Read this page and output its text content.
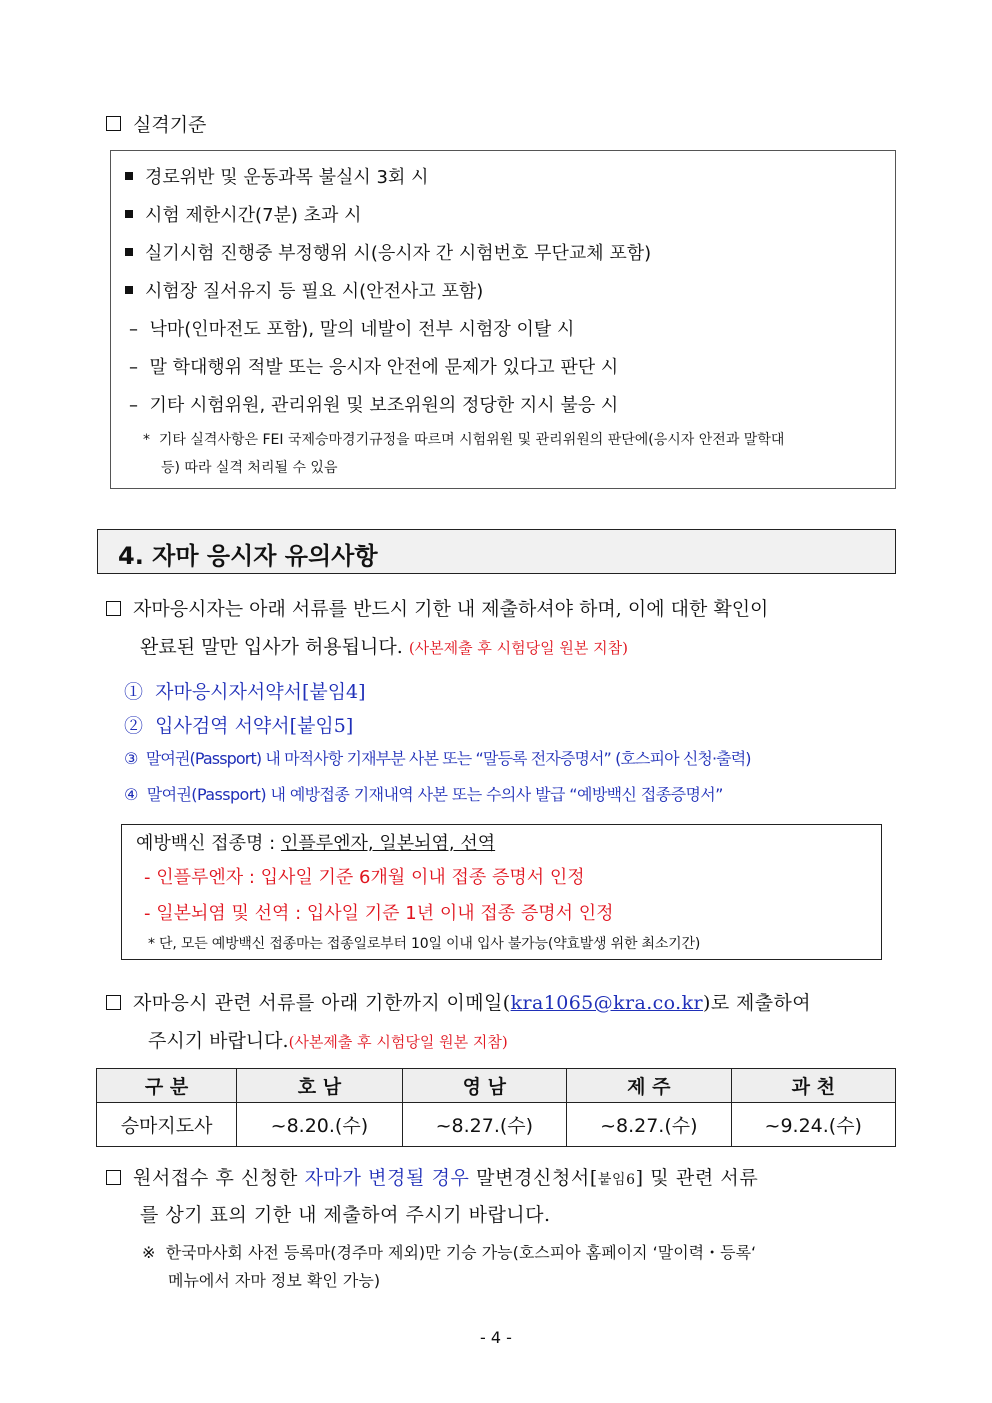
실격기준
경로위반 및 운동과목 불실시 3회 시
시험 제한시간(7분) 초과 시
실기시험 진행중 부정행위 시(응시자 간 시험번호 무단교체 포함)
시험장 질서유지 등 필요 시(안전사고 포함)
– 낙마(인마전도 포함), 말의 네발이 전부 시험장 이탈 시
– 말 학대행위 적발 또는 응시자 안전에 문제가 있다고 판단 시
– 기타 시험위원, 관리위원 및 보조위원의 정당한 지시 불응 시
* 기타 실격사항은 FEI 국제승마경기규정을 따르며 시험위원 및 관리위원의 판단에(응시자 안전과 말학대
등) 따라 실격 처리될 수 있음
4. 자마 응시자 유의사항
자마응시자는 아래 서류를 반드시 기한 내 제출하셔야 하며, 이에 대한 확인이
완료된 말만 입사가 허용됩니다. (사본제출 후 시험당일 원본 지참)
① 자마응시자서약서[붙임4]
② 입사검역 서약서[붙임5]
③ 말여권(Passport) 내 마적사항 기재부분 사본 또는 “말등록 전자증명서” (호스피아 신청·출력)
④ 말여권(Passport) 내 예방접종 기재내역 사본 또는 수의사 발급 “예방백신 접종증명서”
예방백신 접종명 : 인플루엔자, 일본뇌염, 선역
- 인플루엔자 : 입사일 기준 6개월 이내 접종 증명서 인정
- 일본뇌염 및 선역 : 입사일 기준 1년 이내 접종 증명서 인정
* 단, 모든 예방백신 접종마는 접종일로부터 10일 이내 입사 불가능(약효발생 위한 최소기간)
자마응시 관련 서류를 아래 기한까지 이메일(kra1065@kra.co.kr)로 제출하여
주시기 바랍니다.(사본제출 후 시험당일 원본 지참)
구 분	호 남	영 남	제 주	과 천
승마지도사	~8.20.(수)	~8.27.(수)	~8.27.(수)	~9.24.(수)
원서접수 후 신청한 자마가 변경될 경우 말변경신청서[붙임6] 및 관련 서류
를 상기 표의 기한 내 제출하여 주시기 바랍니다.
※ 한국마사회 사전 등록마(경주마 제외)만 기승 가능(호스피아 홈페이지 ‘말이력・등록‘
메뉴에서 자마 정보 확인 가능)
- 4 -
